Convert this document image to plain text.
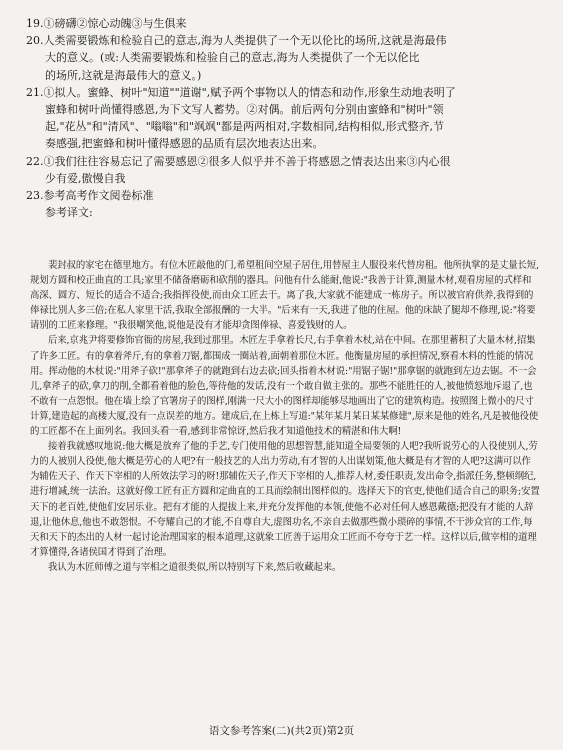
19.①磅礴②惊心动魄③与生俱来

20.人类需要锻炼和检验自己的意志,海为人类提供了一个无以伦比的场所,这就是海最伟

大的意义。(或:人类需要锻炼和检验自己的意志,海为人类提供了一个无以伦比

的场所,这就是海最伟大的意义。)

21.①拟人。蜜蜂、树叶"知道""道谢",赋予两个事物以人的情态和动作,形象生动地表明了

蜜蜂和树叶尚懂得感恩,为下文写人蓄势。②对偶。前后两句分别由蜜蜂和"树叶"领

起,"花丛"和"清风"、"嗡嗡"和"飒飒"都是两两相对,字数相同,结构相似,形式整齐,节

奏感强,把蜜蜂和树叶懂得感恩的品质有层次地表达出来。

22.①我们往往容易忘记了需要感恩②很多人似乎并不善于将感恩之情表达出来③内心很

少有爱,傲慢自我

23.参考高考作文阅卷标准

参考译文:

裴封叔的家宅在德里地方。有位木匠敲他的门,希望租间空屋子居住,用替屋主人服役来代替房租。他所执掌的是丈量长短,规划方圆和校正曲直的工具;家里不储备磨砺和砍削的器具。问他有什么能耐,他说:"我善于计算,测量木材,观看房屋的式样和高深、圆方、短长的适合不适合;我指挥役使,而由众工匠去干。离了我,大家就不能建成一栋房子。所以被官府供养,我得到的俸禄比别人多三倍;在私人家里干活,我取全部报酬的一大半。"后来有一天,我进了他的住屋。他的床缺了腿却不修理,说:"将要请别的工匠来修理。"我很嘲笑他,说他是没有才能却贪图俸禄、喜爱钱财的人。

后来,京兆尹将要修饰官衙的房屋,我到过那里。木匠左手拿着长尺,右手拿着木杖,站在中间。在那里蓄积了大量木材,招集了许多工匠。有的拿着斧斤,有的拿着刀锯,都围成一圈站着,面朝着那位木匠。他衡量房屋的承担情况,察看木料的性能的情况用。挥动他的木杖说:"用斧子砍!"那拿斧子的就跑到右边去砍;回头指着木材说:"用锯子锯!"那拿锯的就跑到左边去锯。不一会儿,拿斧子的砍,拿刀的削,全都看着他的脸色,等待他的发话,没有一个敢自做主张的。那些不能胜任的人,被他愤怒地斥退了,也不敢有一点怨恨。他在墙上绘了官署房子的图样,刚满一尺大小的图样却能够尽地画出了它的建筑构造。按照图上微小的尺寸计算,建造起的高楼大厦,没有一点误差的地方。建成后,在上栋上写道:"某年某月某日某某修建",原来是他的姓名,凡是被他役使的工匠都不在上面列名。我回头看一看,感到非常惊讶,然后我才知道他技术的精湛和伟大啊!

接着我就感叹地说:他大概是放弃了他的手艺,专门使用他的思想智慧,能知道全局要领的人吧?我听说劳心的人役使别人,劳力的人被别人役使,他大概是劳心的人吧?有一般技艺的人出力劳动,有才智的人出谋划策,他大概是有才智的人吧?这满可以作为辅佐天子、作天下宰相的人所效法学习的呀!那辅佐天子,作天下宰相的人,推荐人材,委任职责,发出命令,指派任务,整顿纲纪,进行增减,统一法治。这就好像工匠有正方圆和定曲直的工具而绘制出图样似的。选择天下的官吏,使他们适合自己的职务;安置天下的老百姓,使他们安居乐业。把有才能的人提拔上来,并充分发挥他的本领,使他不必对任何人感恩戴德;把没有才能的人辞退,让他休息,他也不敢怨恨。不夸耀自己的才能,不自尊自大,虚图功名,不亲自去做那些微小琐碎的事情,不干涉众官的工作,每天和天下的杰出的人材一起讨论治理国家的根本道理,这就象工匠善于运用众工匠而不夸夸于艺一样。这样以后,做宰相的道理才算懂得,各诸侯国才得到了治理。

我认为木匠师傅之道与宰相之道很类似,所以特别写下来,然后收藏起来。

语文参考答案(二)(共2页)第2页
